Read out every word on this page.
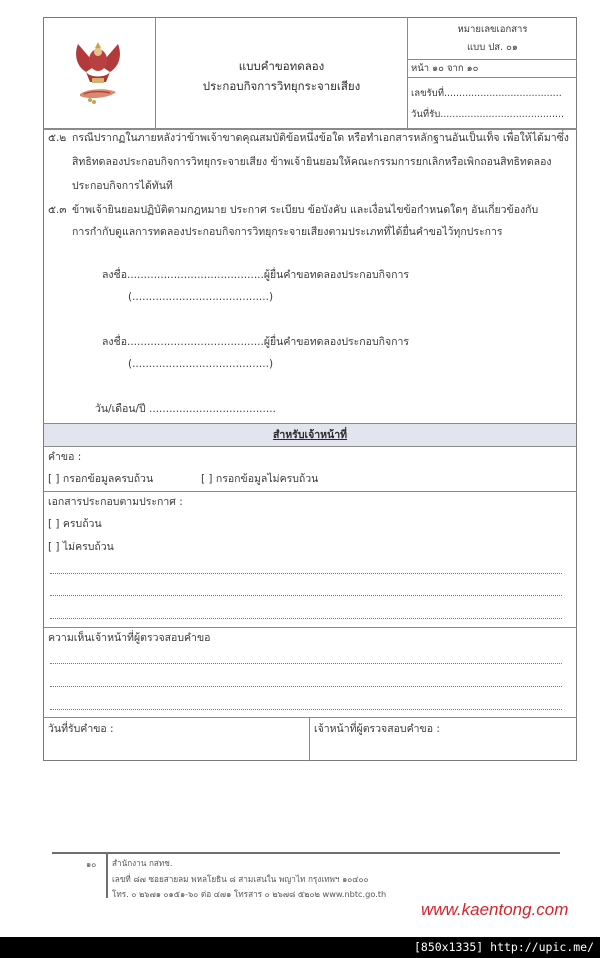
แบบคำขอทดลอง
ประกอบกิจการวิทยุกระจายเสียง
หมายเลขเอกสาร
แบบ ปส. ๐๑
หน้า ๑๐ จาก ๑๐
เลขรับที่.......................................
วันที่รับ.........................................
๕.๒ กรณีปรากฏในภายหลังว่าข้าพเจ้าขาดคุณสมบัติข้อหนึ่งข้อใด หรือทำเอกสารหลักฐานอันเป็นเท็จ เพื่อให้ได้มาซึ่ง
สิทธิทดลองประกอบกิจการวิทยุกระจายเสียง ข้าพเจ้ายินยอมให้คณะกรรมการยกเลิกหรือเพิกถอนสิทธิทดลอง
ประกอบกิจการได้ทันที
๕.๓ ข้าพเจ้ายินยอมปฏิบัติตามกฎหมาย ประกาศ ระเบียบ ข้อบังคับ และเงื่อนไขข้อกำหนดใดๆ อันเกี่ยวข้องกับ
การกำกับดูแลการทดลองประกอบกิจการวิทยุกระจายเสียงตามประเภทที่ได้ยื่นคำขอไว้ทุกประการ
ลงชื่อ.........................................ผู้ยื่นคำขอทดลองประกอบกิจการ
(.........................................)
ลงชื่อ.........................................ผู้ยื่นคำขอทดลองประกอบกิจการ
(.........................................)
วัน/เดือน/ปี ......................................
สำหรับเจ้าหน้าที่
คำขอ :
[ ] กรอกข้อมูลครบถ้วน	[ ] กรอกข้อมูลไม่ครบถ้วน
เอกสารประกอบตามประกาศ :
[ ] ครบถ้วน
[ ] ไม่ครบถ้วน
ความเห็นเจ้าหน้าที่ผู้ตรวจสอบคำขอ
วันที่รับคำขอ :	เจ้าหน้าที่ผู้ตรวจสอบคำขอ :
๑๐ สำนักงาน กสทช.
เลขที่ ๘๗ ซอยสายลม พหลโยธิน ๘ สามเสนใน พญาไท กรุงเทพฯ ๑๐๔๐๐
โทร. ๐ ๒๖๗๑ ๐๑๕๑-๖๐ ต่อ ๔๗๑ โทรสาร ๐ ๒๖๗๘ ๕๒๐๒ www.nbtc.go.th
www.kaentong.com
[850x1335] http://upic.me/
